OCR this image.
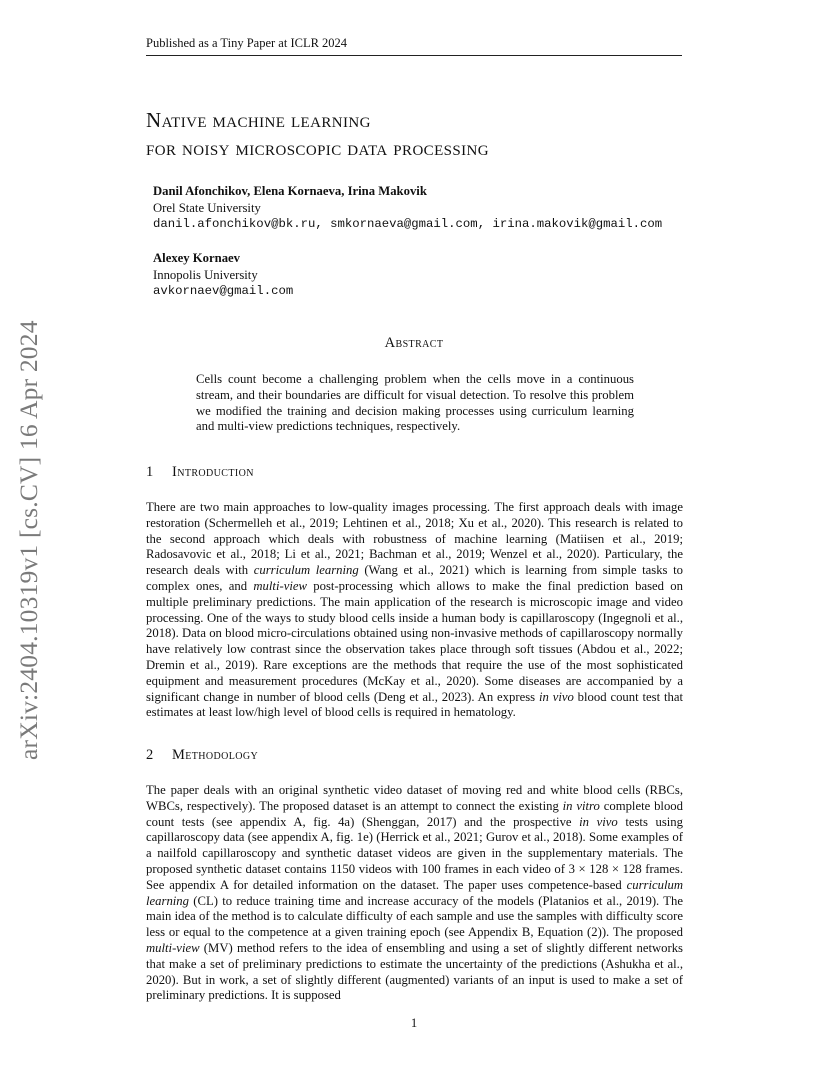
Published as a Tiny Paper at ICLR 2024
arXiv:2404.10319v1 [cs.CV] 16 Apr 2024
Native machine learning
for noisy microscopic data processing
Danil Afonchikov, Elena Kornaeva, Irina Makovik
Orel State University
danil.afonchikov@bk.ru, smkornaeva@gmail.com, irina.makovik@gmail.com
Alexey Kornaev
Innopolis University
avkornaev@gmail.com
Abstract
Cells count become a challenging problem when the cells move in a continuous stream, and their boundaries are difficult for visual detection. To resolve this problem we modified the training and decision making processes using curriculum learning and multi-view predictions techniques, respectively.
1 Introduction
There are two main approaches to low-quality images processing. The first approach deals with image restoration (Schermelleh et al., 2019; Lehtinen et al., 2018; Xu et al., 2020). This research is related to the second approach which deals with robustness of machine learning (Matiisen et al., 2019; Radosavovic et al., 2018; Li et al., 2021; Bachman et al., 2019; Wenzel et al., 2020). Particulary, the research deals with curriculum learning (Wang et al., 2021) which is learning from simple tasks to complex ones, and multi-view post-processing which allows to make the final prediction based on multiple preliminary predictions. The main application of the research is microscopic image and video processing. One of the ways to study blood cells inside a human body is capillaroscopy (Ingegnoli et al., 2018). Data on blood micro-circulations obtained using non-invasive methods of capillaroscopy normally have relatively low contrast since the observation takes place through soft tissues (Abdou et al., 2022; Dremin et al., 2019). Rare exceptions are the methods that require the use of the most sophisticated equipment and measurement procedures (McKay et al., 2020). Some diseases are accompanied by a significant change in number of blood cells (Deng et al., 2023). An express in vivo blood count test that estimates at least low/high level of blood cells is required in hematology.
2 Methodology
The paper deals with an original synthetic video dataset of moving red and white blood cells (RBCs, WBCs, respectively). The proposed dataset is an attempt to connect the existing in vitro complete blood count tests (see appendix A, fig. 4a) (Shenggan, 2017) and the prospective in vivo tests using capillaroscopy data (see appendix A, fig. 1e) (Herrick et al., 2021; Gurov et al., 2018). Some examples of a nailfold capillaroscopy and synthetic dataset videos are given in the supplementary materials. The proposed synthetic dataset contains 1150 videos with 100 frames in each video of 3 × 128 × 128 frames. See appendix A for detailed information on the dataset. The paper uses competence-based curriculum learning (CL) to reduce training time and increase accuracy of the models (Platanios et al., 2019). The main idea of the method is to calculate difficulty of each sample and use the samples with difficulty score less or equal to the competence at a given training epoch (see Appendix B, Equation (2)). The proposed multi-view (MV) method refers to the idea of ensembling and using a set of slightly different networks that make a set of preliminary predictions to estimate the uncertainty of the predictions (Ashukha et al., 2020). But in work, a set of slightly different (augmented) variants of an input is used to make a set of preliminary predictions. It is supposed
1
